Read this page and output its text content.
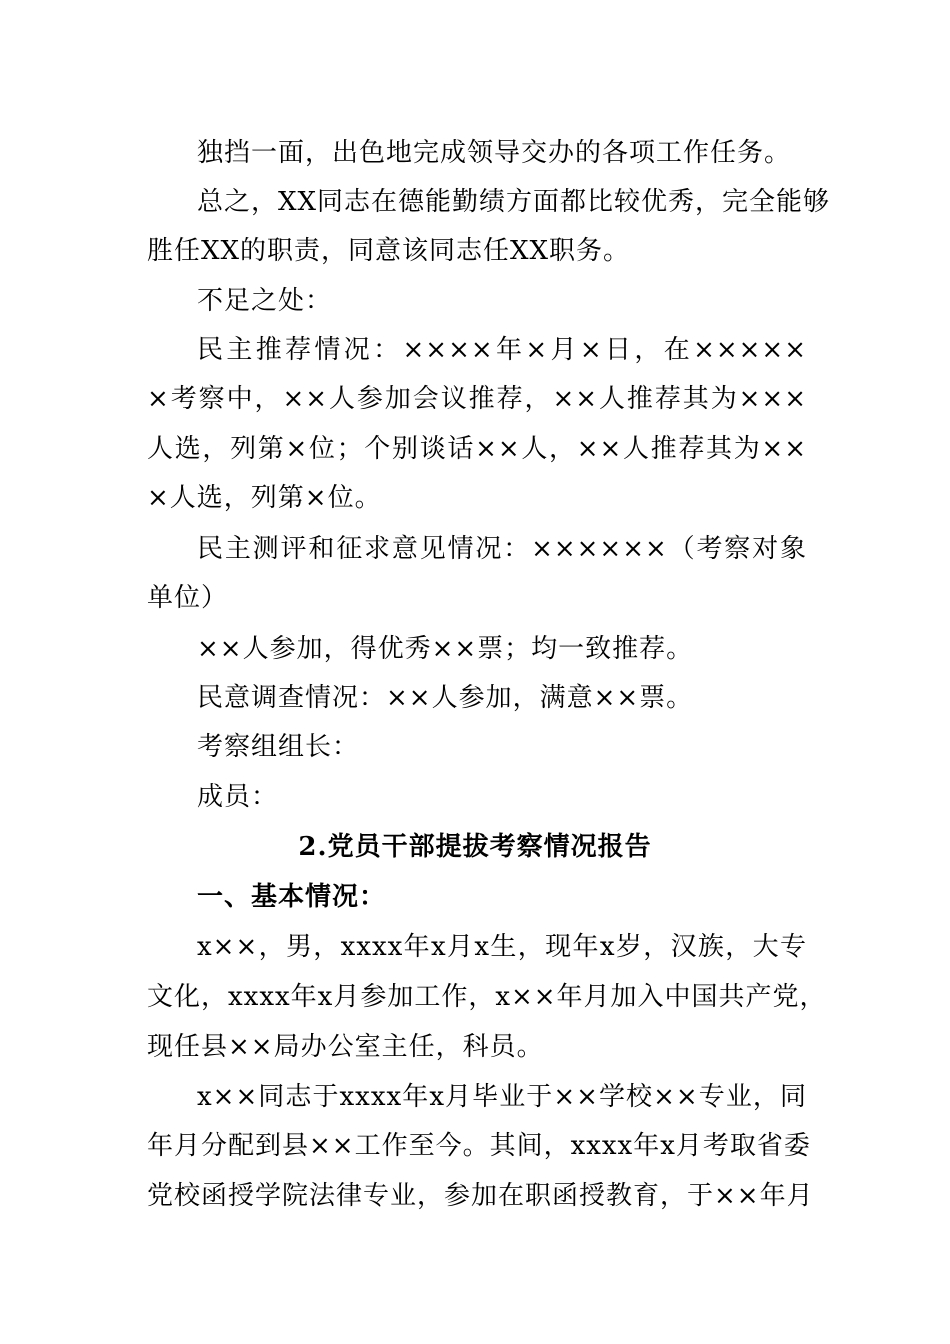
独挡一面，出色地完成领导交办的各项工作任务。
总之，XX同志在德能勤绩方面都比较优秀，完全能够
胜任XX的职责，同意该同志任XX职务。
不足之处：
民主推荐情况：××××年×月×日，在×××××
×考察中，××人参加会议推荐，××人推荐其为×××
人选，列第×位；个别谈话××人，××人推荐其为××
×人选，列第×位。
民主测评和征求意见情况：××××××（考察对象
单位）
××人参加，得优秀××票；均一致推荐。
民意调查情况：××人参加，满意××票。
考察组组长：
成员：
2.党员干部提拔考察情况报告
一、基本情况：
x××，男，xxxx年x月x生，现年x岁，汉族，大专
文化，xxxx年x月参加工作，x××年月加入中国共产党，
现任县××局办公室主任，科员。
x××同志于xxxx年x月毕业于××学校××专业，同
年月分配到县××工作至今。其间，xxxx年x月考取省委
党校函授学院法律专业，参加在职函授教育，于××年月
